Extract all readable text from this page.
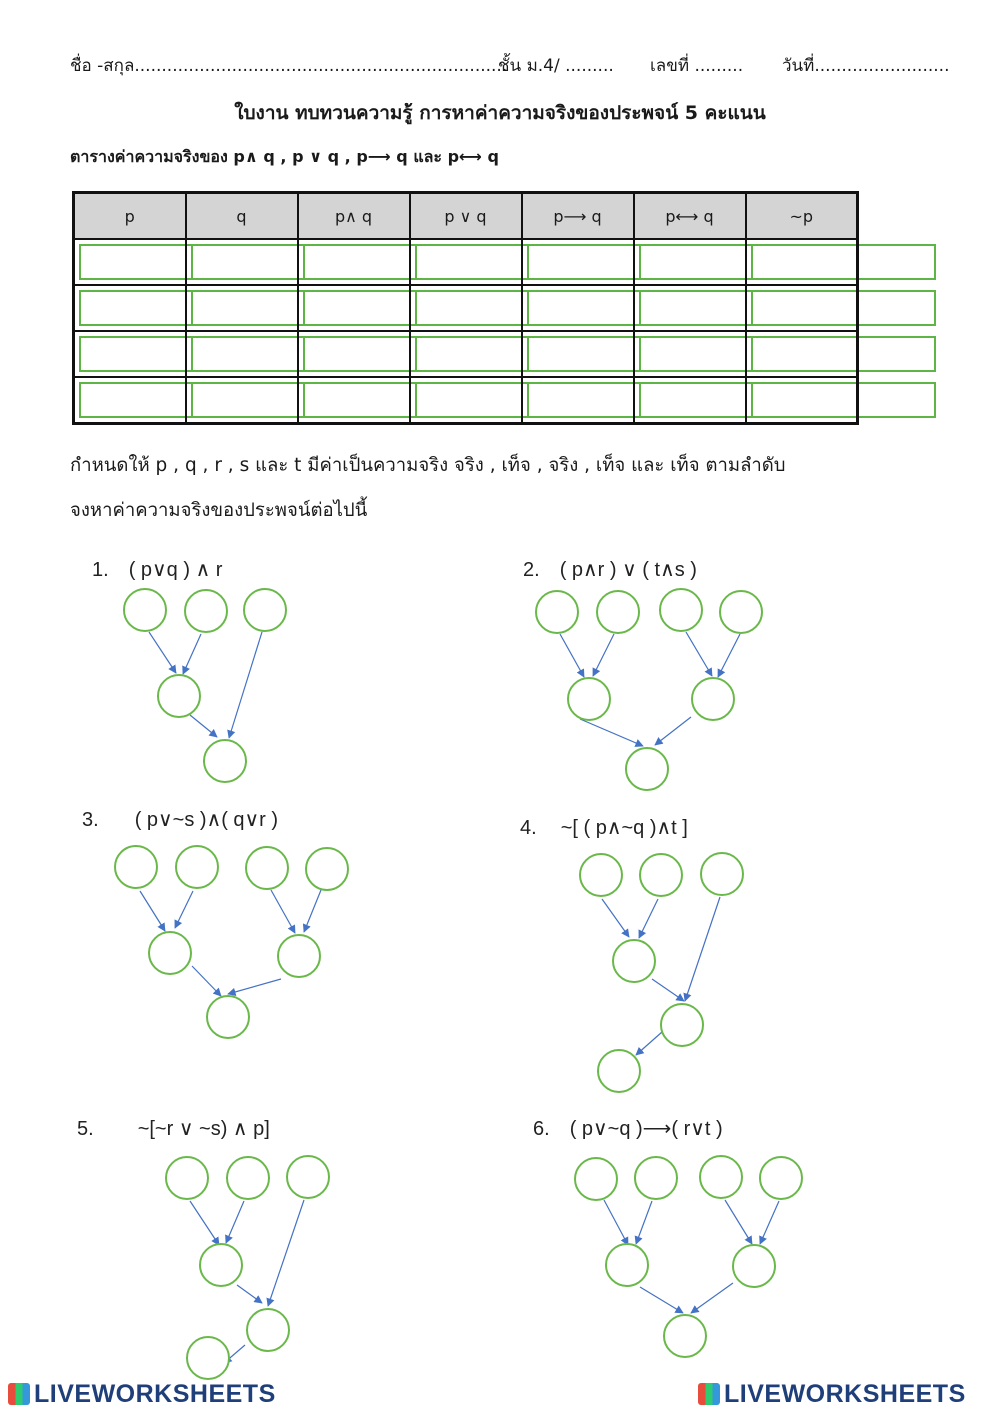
ชื่อ -สกุล.....................................................................
ชั้น ม.4/ ......... เลขที่ ......... วันที่.........................
ใบงาน ทบทวนความรู้ การหาค่าความจริงของประพจน์ 5 คะแนน
ตารางค่าความจริงของ p∧ q , p ∨ q , p⟶ q และ p⟷ q
p	q	p∧ q	p ∨ q	p⟶ q	p⟷ q	~p

กำหนดให้ p , q , r , s และ t มีค่าเป็นความจริง จริง , เท็จ , จริง , เท็จ และ เท็จ ตามลำดับ
จงหาค่าความจริงของประพจน์ต่อไปนี้
1. ( p∨q ) ∧ r	2. ( p∧r ) ∨ ( t∧s )
3. ( p∨~s )∧( q∨r )	4. ~[ ( p∧~q )∧t ]
5. ~[~r ∨ ~s) ∧ p]	6. ( p∨~q )⟶( r∨t )
LIVEWORKSHEETS	LIVEWORKSHEETS
